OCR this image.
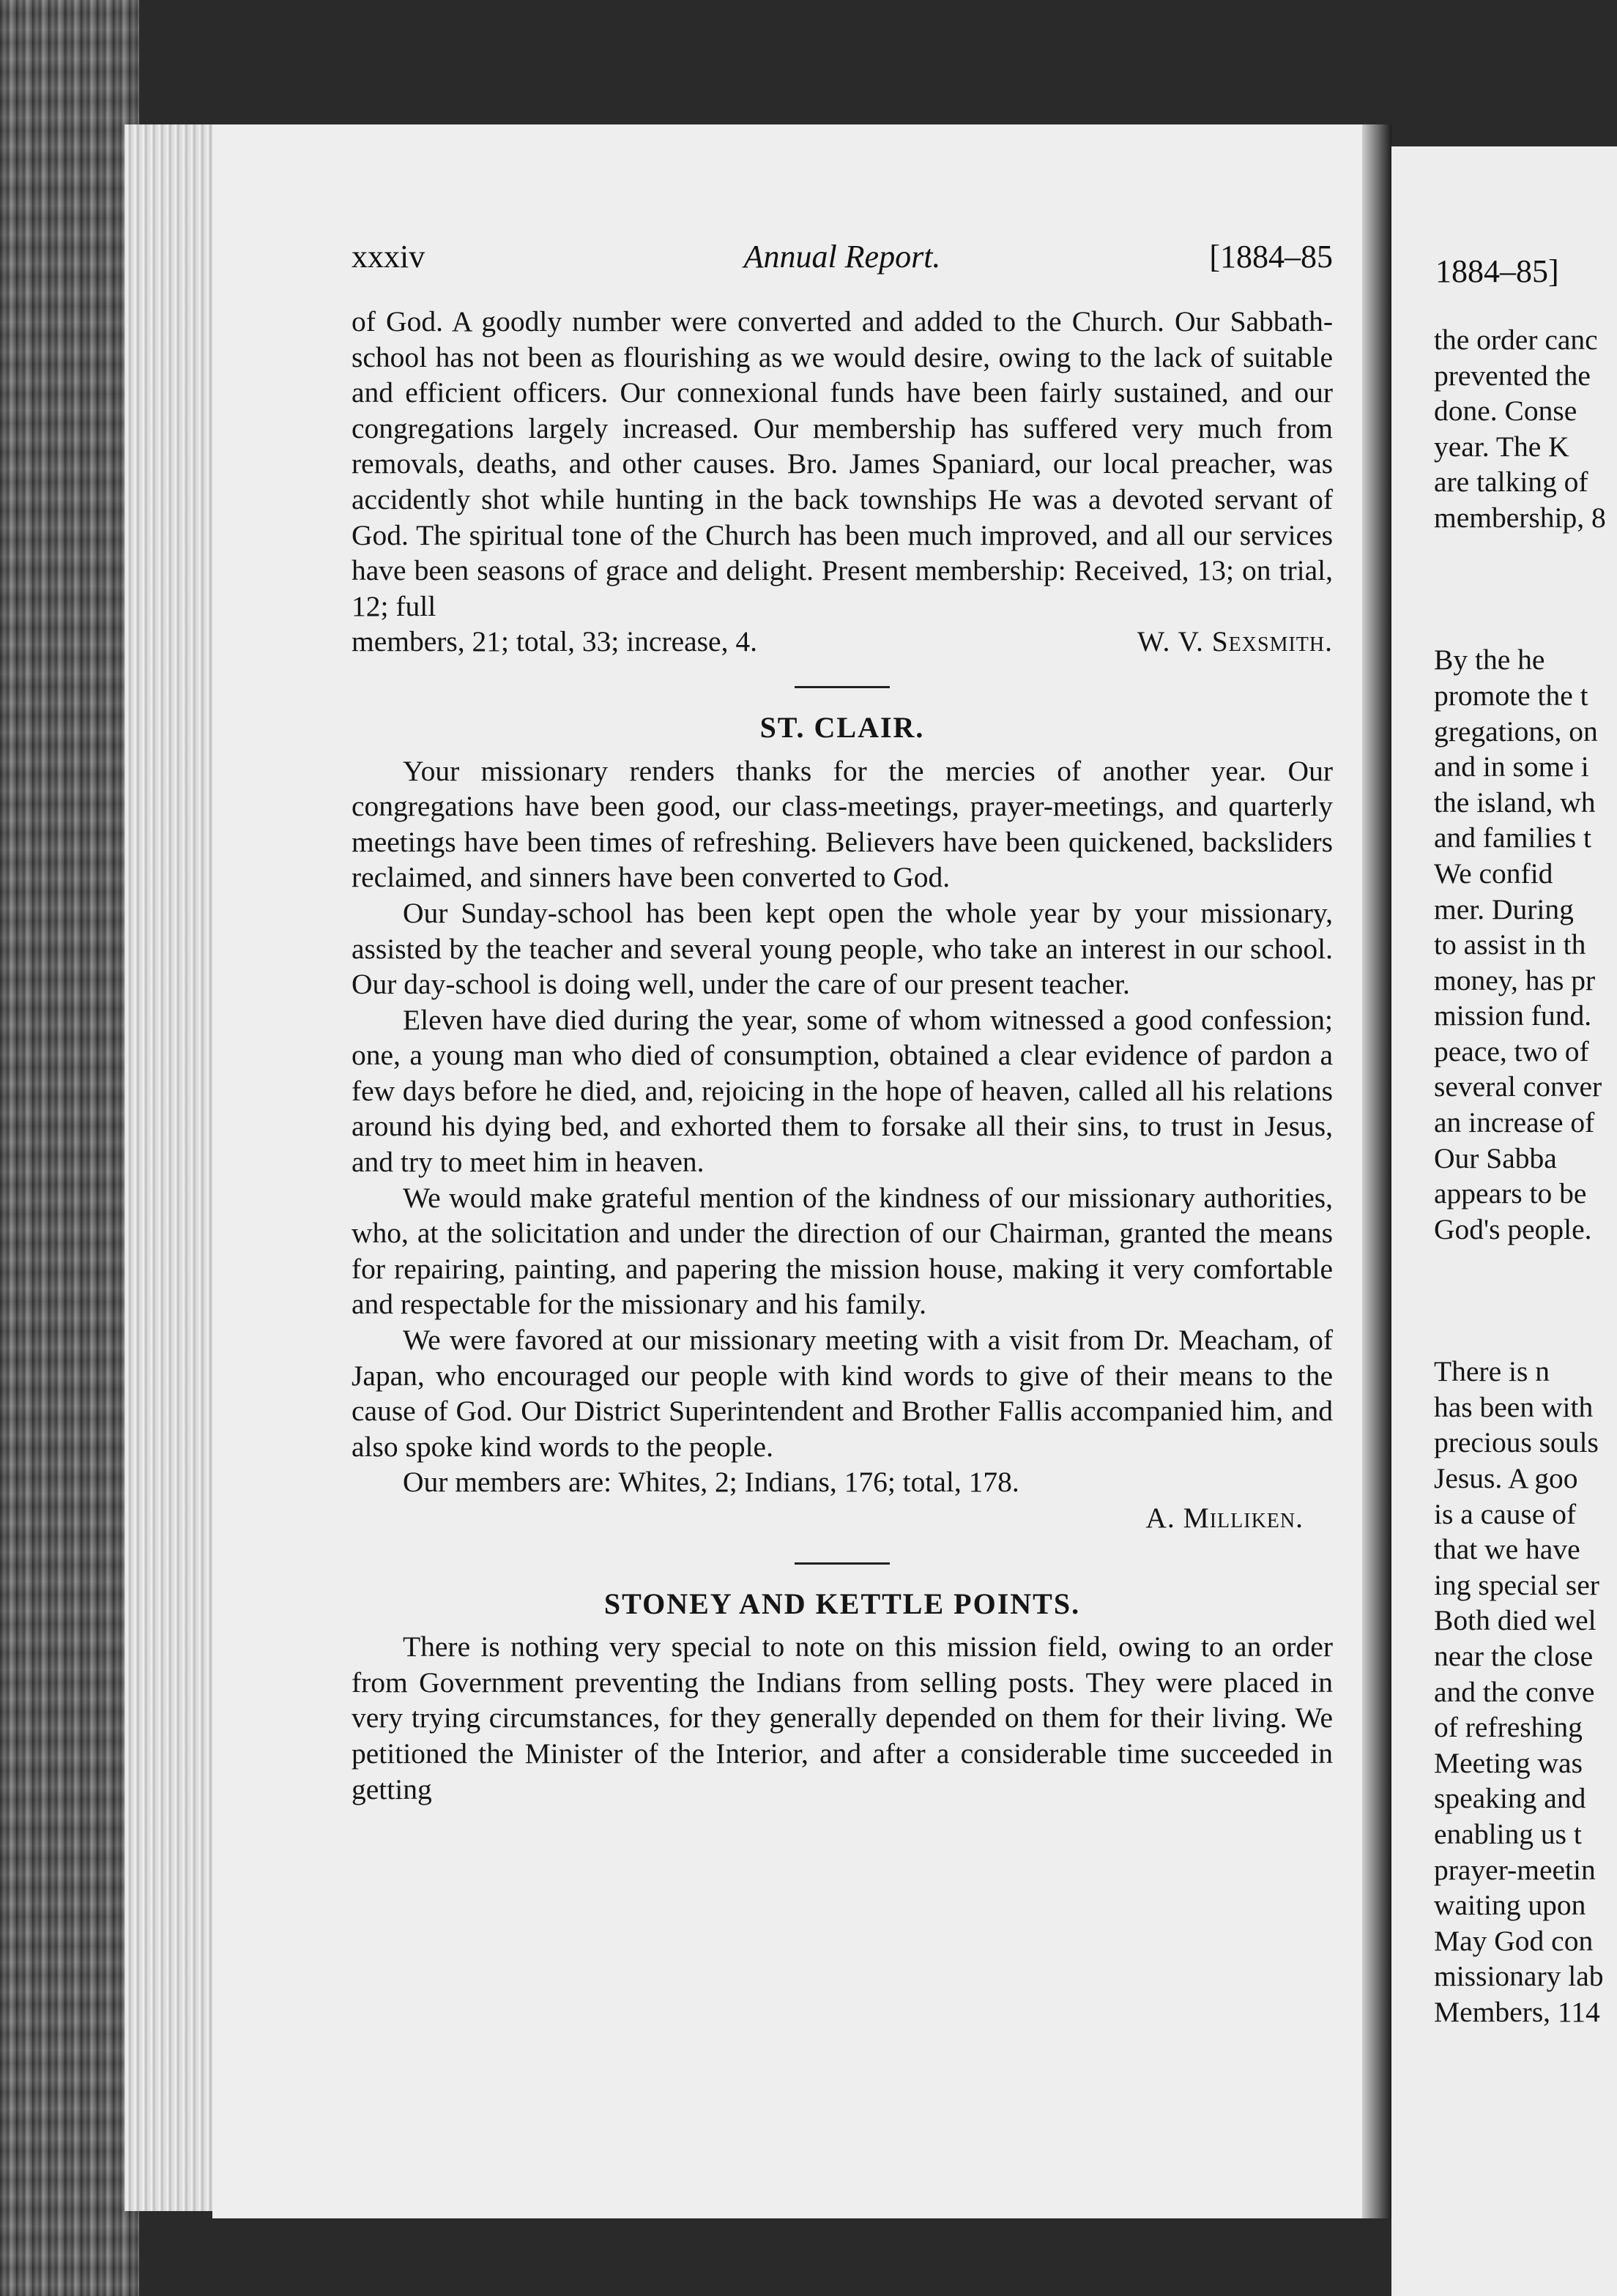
xxxiv	Annual Report.	[1884–85

of God. A goodly number were converted and added to the Church. Our Sabbath-school has not been as flourishing as we would desire, owing to the lack of suitable and efficient officers. Our connexional funds have been fairly sustained, and our congregations largely increased. Our membership has suffered very much from removals, deaths, and other causes. Bro. James Spaniard, our local preacher, was accidently shot while hunting in the back townships He was a devoted servant of God. The spiritual tone of the Church has been much improved, and all our services have been seasons of grace and delight. Present membership: Received, 13; on trial, 12; full

members, 21; total, 33; increase, 4.	W. V. Sexsmith.
ST. CLAIR.

Your missionary renders thanks for the mercies of another year. Our congregations have been good, our class-meetings, prayer-meetings, and quarterly meetings have been times of refreshing. Believers have been quickened, backsliders reclaimed, and sinners have been converted to God.

Our Sunday-school has been kept open the whole year by your missionary, assisted by the teacher and several young people, who take an interest in our school. Our day-school is doing well, under the care of our present teacher.

Eleven have died during the year, some of whom witnessed a good confession; one, a young man who died of consumption, obtained a clear evidence of pardon a few days before he died, and, rejoicing in the hope of heaven, called all his relations around his dying bed, and exhorted them to forsake all their sins, to trust in Jesus, and try to meet him in heaven.

We would make grateful mention of the kindness of our missionary authorities, who, at the solicitation and under the direction of our Chairman, granted the means for repairing, painting, and papering the mission house, making it very comfortable and respectable for the missionary and his family.

We were favored at our missionary meeting with a visit from Dr. Meacham, of Japan, who encouraged our people with kind words to give of their means to the cause of God. Our District Superintendent and Brother Fallis accompanied him, and also spoke kind words to the people.

Our members are: Whites, 2; Indians, 176; total, 178.

A. Milliken.
STONEY AND KETTLE POINTS.

There is nothing very special to note on this mission field, owing to an order from Government preventing the Indians from selling posts. They were placed in very trying circumstances, for they generally depended on them for their living. We petitioned the Minister of the Interior, and after a considerable time succeeded in getting

1884–85]
the order canc
prevented the
done. Conse
year. The K
are talking of
membership, 8
By the he
promote the t
gregations, on
and in some i
the island, wh
and families t
We confid
mer. During
to assist in th
money, has pr
mission fund.
peace, two of
several conver
an increase of
Our Sabba
appears to be
God's people.
There is n
has been with
precious souls
Jesus. A goo
is a cause of
that we have
ing special ser
Both died wel
near the close
and the conve
of refreshing
Meeting was
speaking and
enabling us t
prayer-meetin
waiting upon
May God con
missionary lab
Members, 114
